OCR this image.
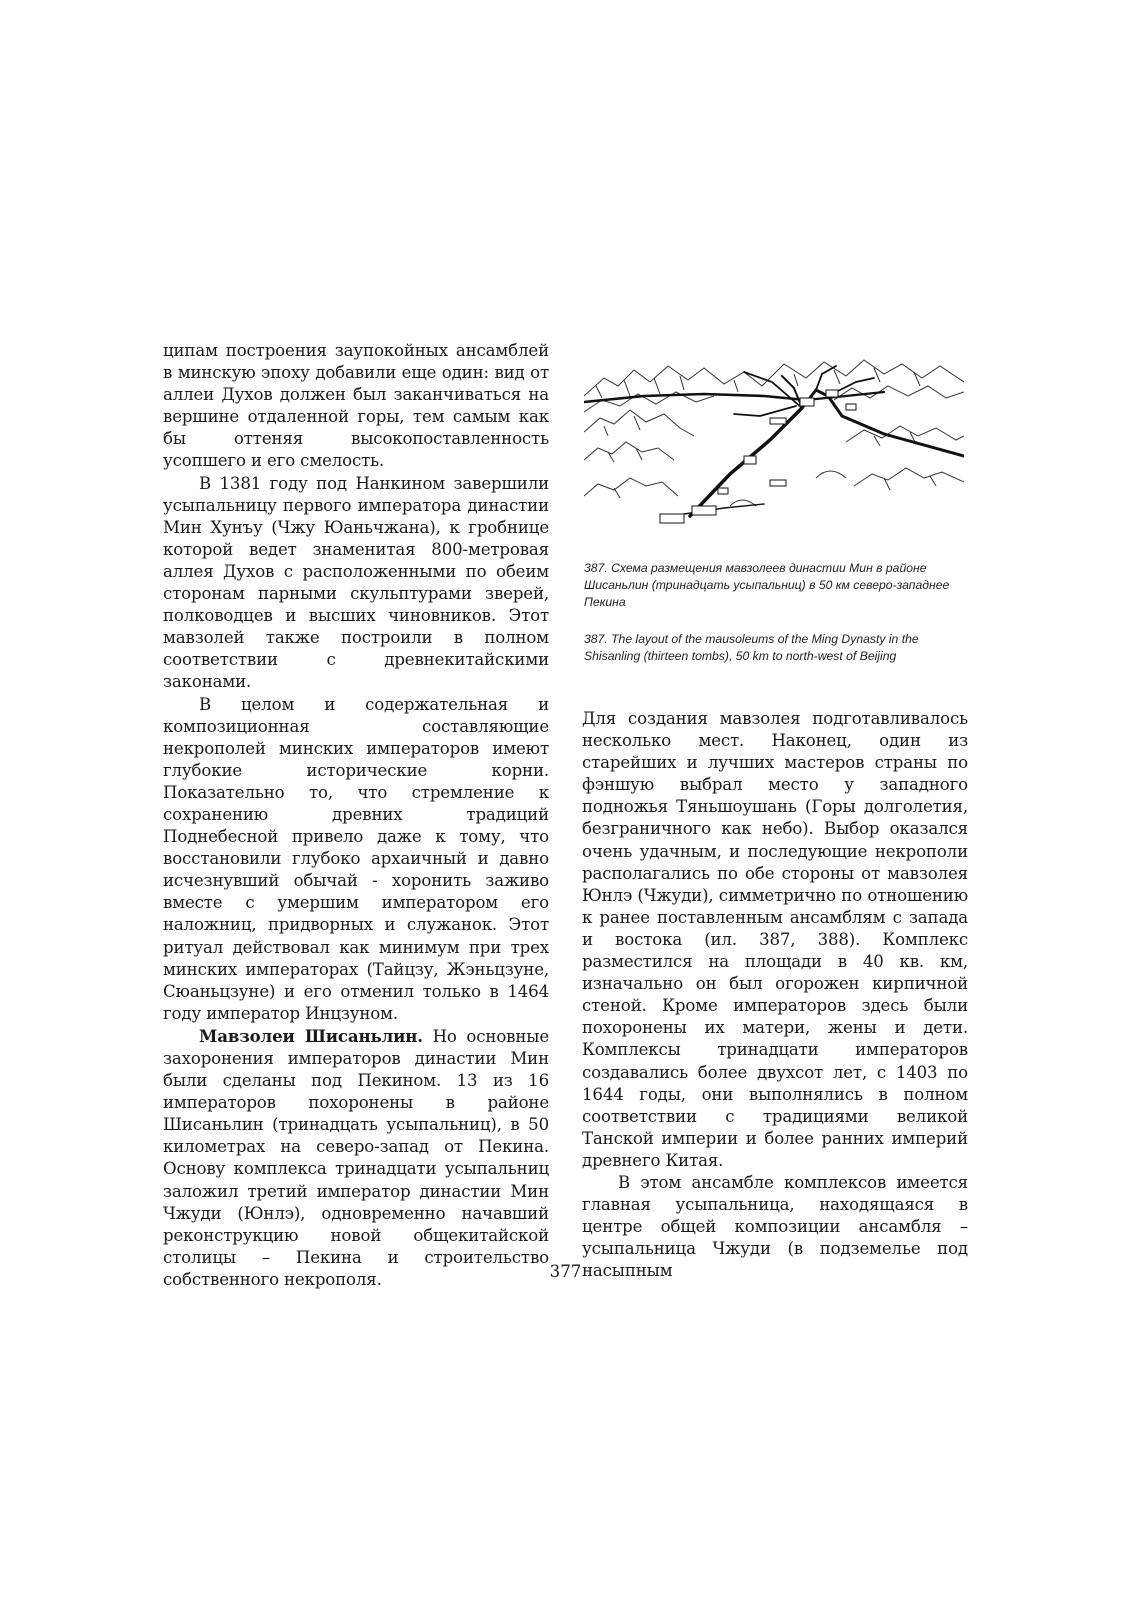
ципам построения заупокойных ансамблей в минскую эпоху добавили еще один: вид от аллеи Духов должен был заканчиваться на вершине отдаленной горы, тем самым как бы оттеняя высокопоставленность усопшего и его смелость.

В 1381 году под Нанкином завершили усыпальницу первого императора династии Мин Хунъу (Чжу Юаньчжана), к гробнице которой ведет знаменитая 800-метровая аллея Духов с расположенными по обеим сторонам парными скульптурами зверей, полководцев и высших чиновников. Этот мавзолей также построили в полном соответствии с древнекитайскими законами.

В целом и содержательная и композиционная составляющие некрополей минских императоров имеют глубокие исторические корни. Показательно то, что стремление к сохранению древних традиций Поднебесной привело даже к тому, что восстановили глубоко архаичный и давно исчезнувший обычай - хоронить заживо вместе с умершим императором его наложниц, придворных и служанок. Этот ритуал действовал как минимум при трех минских императорах (Тайцзу, Жэньцзуне, Сюаньцзуне) и его отменил только в 1464 году император Инцзуном.

Мавзолеи Шисаньлин. Но основные захоронения императоров династии Мин были сделаны под Пекином. 13 из 16 императоров похоронены в районе Шисаньлин (тринадцать усыпальниц), в 50 километрах на северо-запад от Пекина. Основу комплекса тринадцати усыпальниц заложил третий император династии Мин Чжуди (Юнлэ), одновременно начавший реконструкцию новой общекитайской столицы – Пекина и строительство собственного некрополя.

387. Схема размещения мавзолеев династии Мин в районе Шисаньлин (тринадцать усыпальниц) в 50 км северо-западнее Пекина

387. The layout of the mausoleums of the Ming Dynasty in the Shisanling (thirteen tombs), 50 km to north-west of Beijing

Для создания мавзолея подготавливалось несколько мест. Наконец, один из старейших и лучших мастеров страны по фэншую выбрал место у западного подножья Тяньшоушань (Горы долголетия, безграничного как небо). Выбор оказался очень удачным, и последующие некрополи располагались по обе стороны от мавзолея Юнлэ (Чжуди), симметрично по отношению к ранее поставленным ансамблям с запада и востока (ил. 387, 388). Комплекс разместился на площади в 40 кв. км, изначально он был огорожен кирпичной стеной. Кроме императоров здесь были похоронены их матери, жены и дети. Комплексы тринадцати императоров создавались более двухсот лет, с 1403 по 1644 годы, они выполнялись в полном соответствии с традициями великой Танской империи и более ранних империй древнего Китая.

В этом ансамбле комплексов имеется главная усыпальница, находящаяся в центре общей композиции ансамбля – усыпальница Чжуди (в подземелье под насыпным

377
